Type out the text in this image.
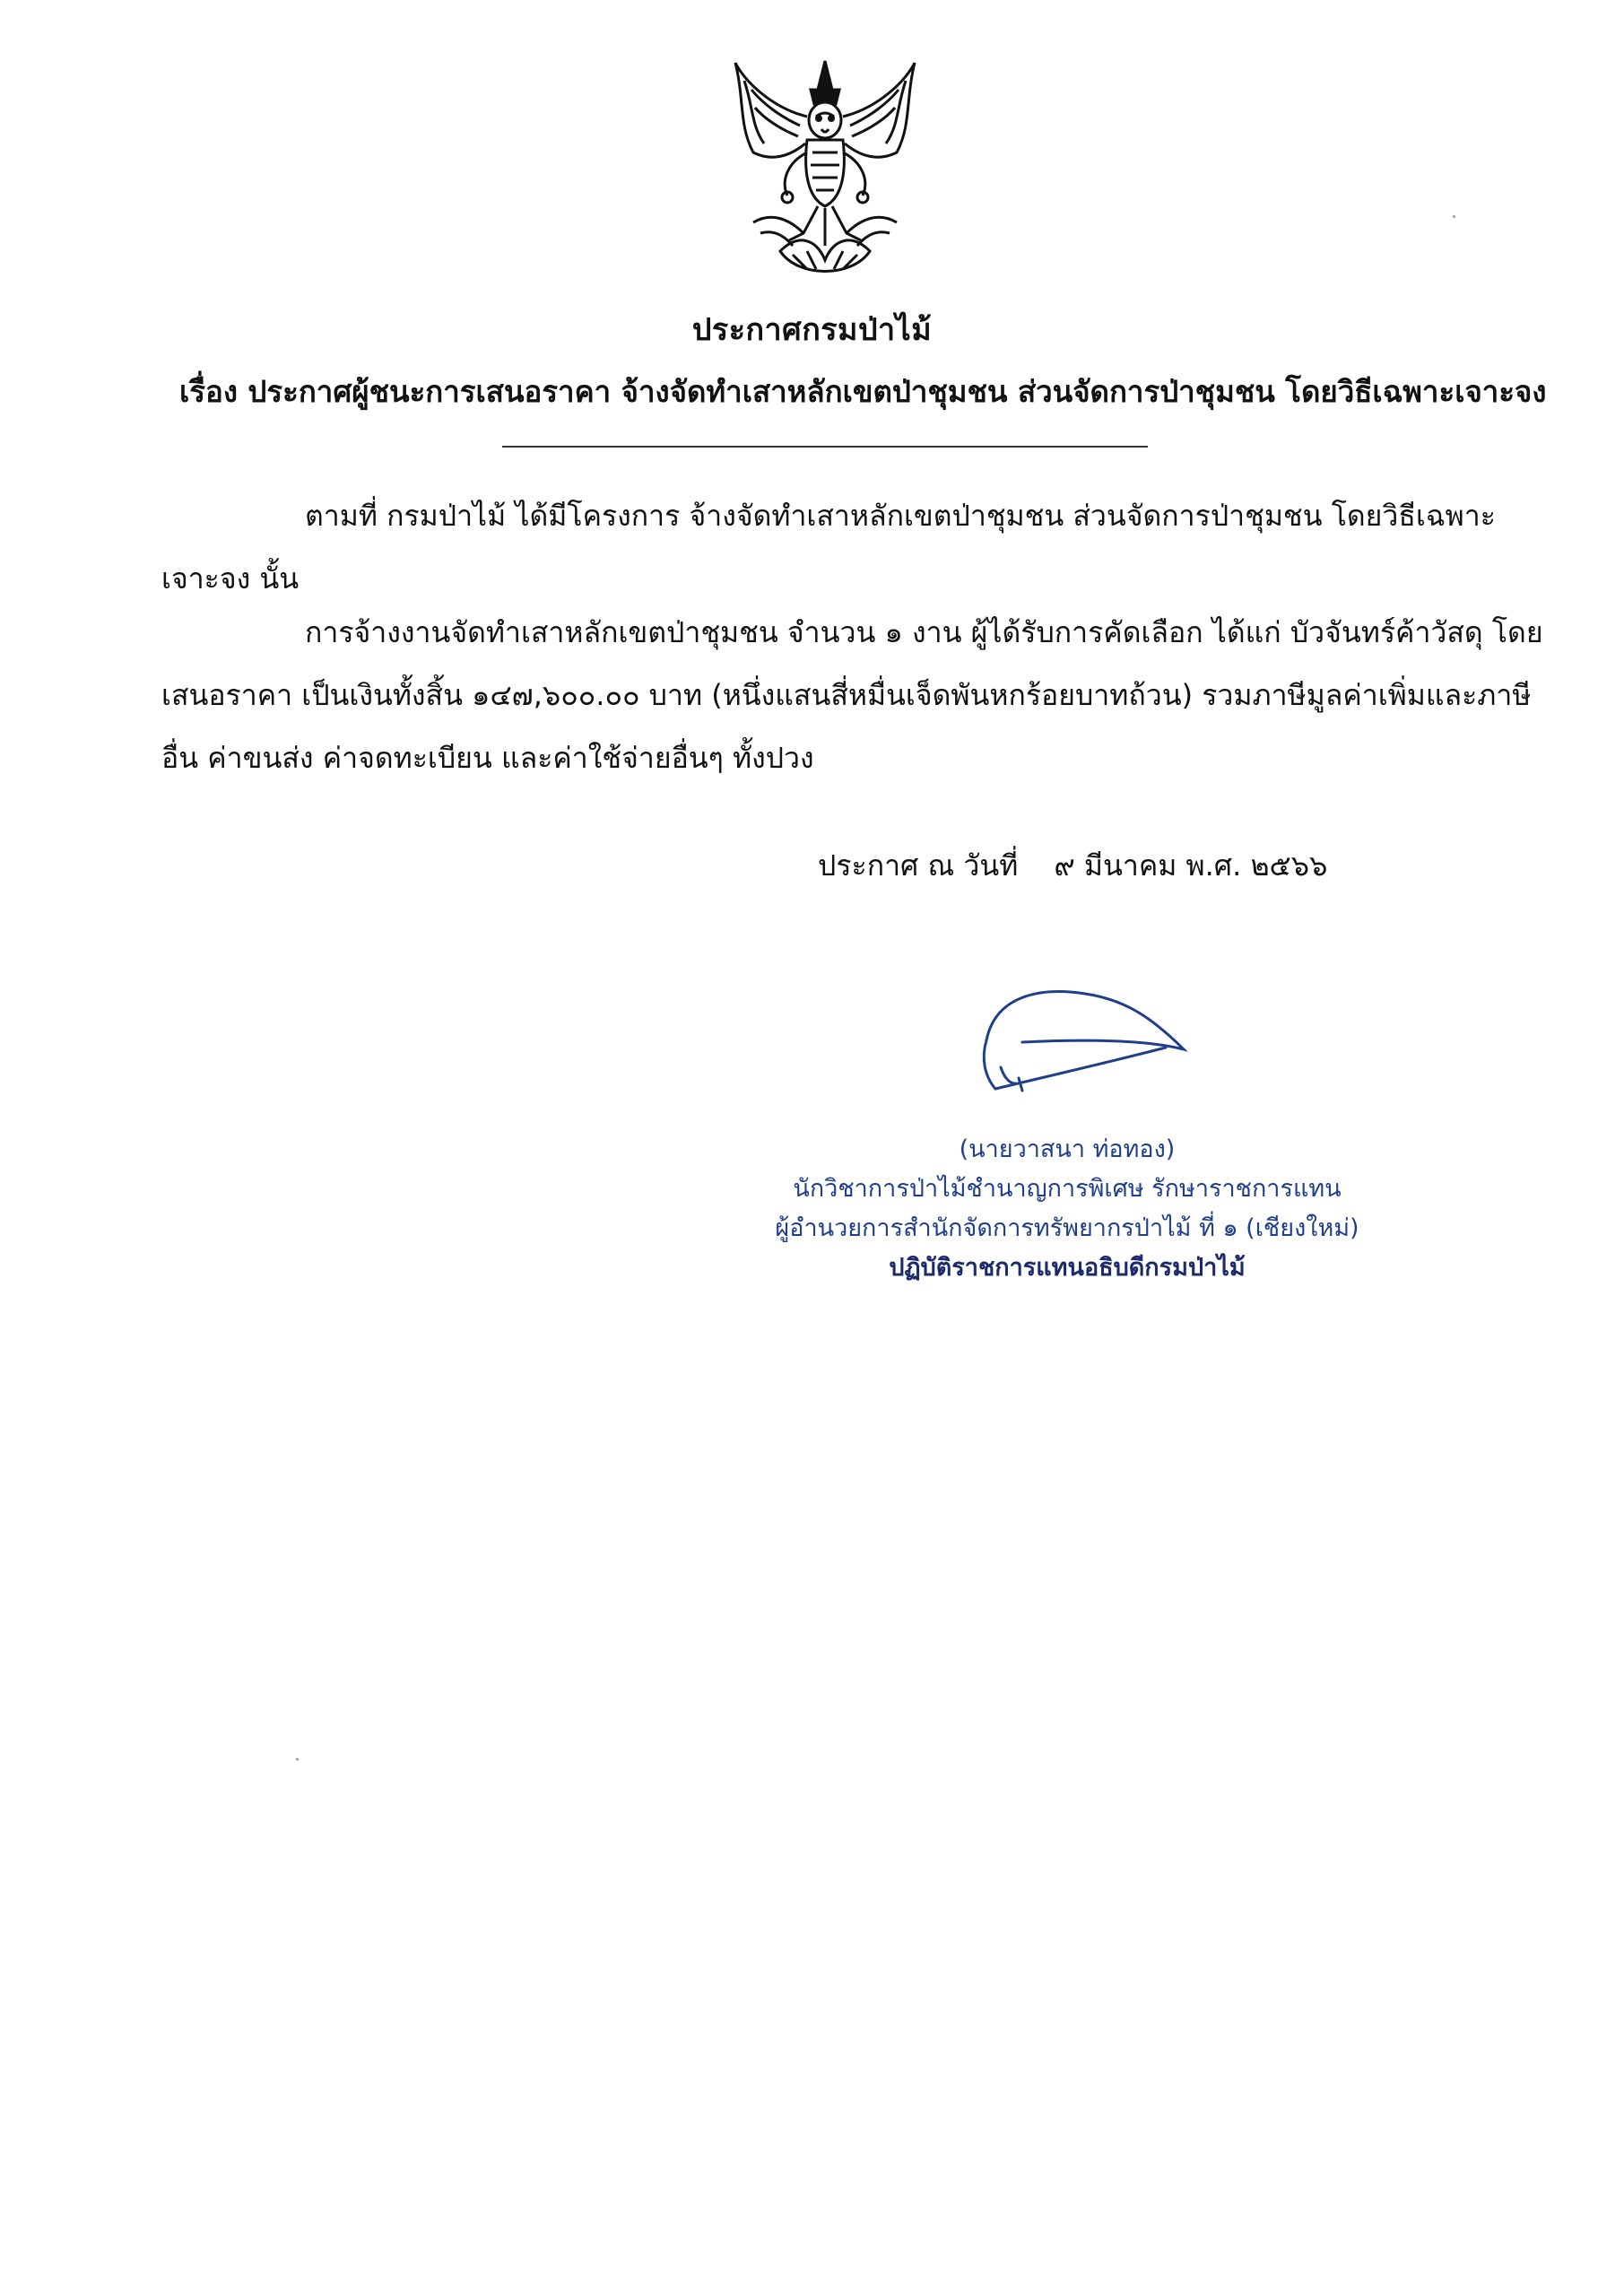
ประกาศกรมป่าไม้
เรื่อง ประกาศผู้ชนะการเสนอราคา จ้างจัดทำเสาหลักเขตป่าชุมชน ส่วนจัดการป่าชุมชน โดยวิธีเฉพาะเจาะจง
ตามที่ กรมป่าไม้ ได้มีโครงการ จ้างจัดทำเสาหลักเขตป่าชุมชน ส่วนจัดการป่าชุมชน โดยวิธีเฉพาะ
เจาะจง นั้น
การจ้างงานจัดทำเสาหลักเขตป่าชุมชน จำนวน ๑ งาน ผู้ได้รับการคัดเลือก ได้แก่ บัวจันทร์ค้าวัสดุ โดย
เสนอราคา เป็นเงินทั้งสิ้น ๑๔๗,๖๐๐.๐๐ บาท (หนึ่งแสนสี่หมื่นเจ็ดพันหกร้อยบาทถ้วน) รวมภาษีมูลค่าเพิ่มและภาษี
อื่น ค่าขนส่ง ค่าจดทะเบียน และค่าใช้จ่ายอื่นๆ ทั้งปวง
ประกาศ ณ วันที่ ๙ มีนาคม พ.ศ. ๒๕๖๖
(นายวาสนา ท่อทอง)
นักวิชาการป่าไม้ชำนาญการพิเศษ รักษาราชการแทน
ผู้อำนวยการสำนักจัดการทรัพยากรป่าไม้ ที่ ๑ (เชียงใหม่)
ปฏิบัติราชการแทนอธิบดีกรมป่าไม้
